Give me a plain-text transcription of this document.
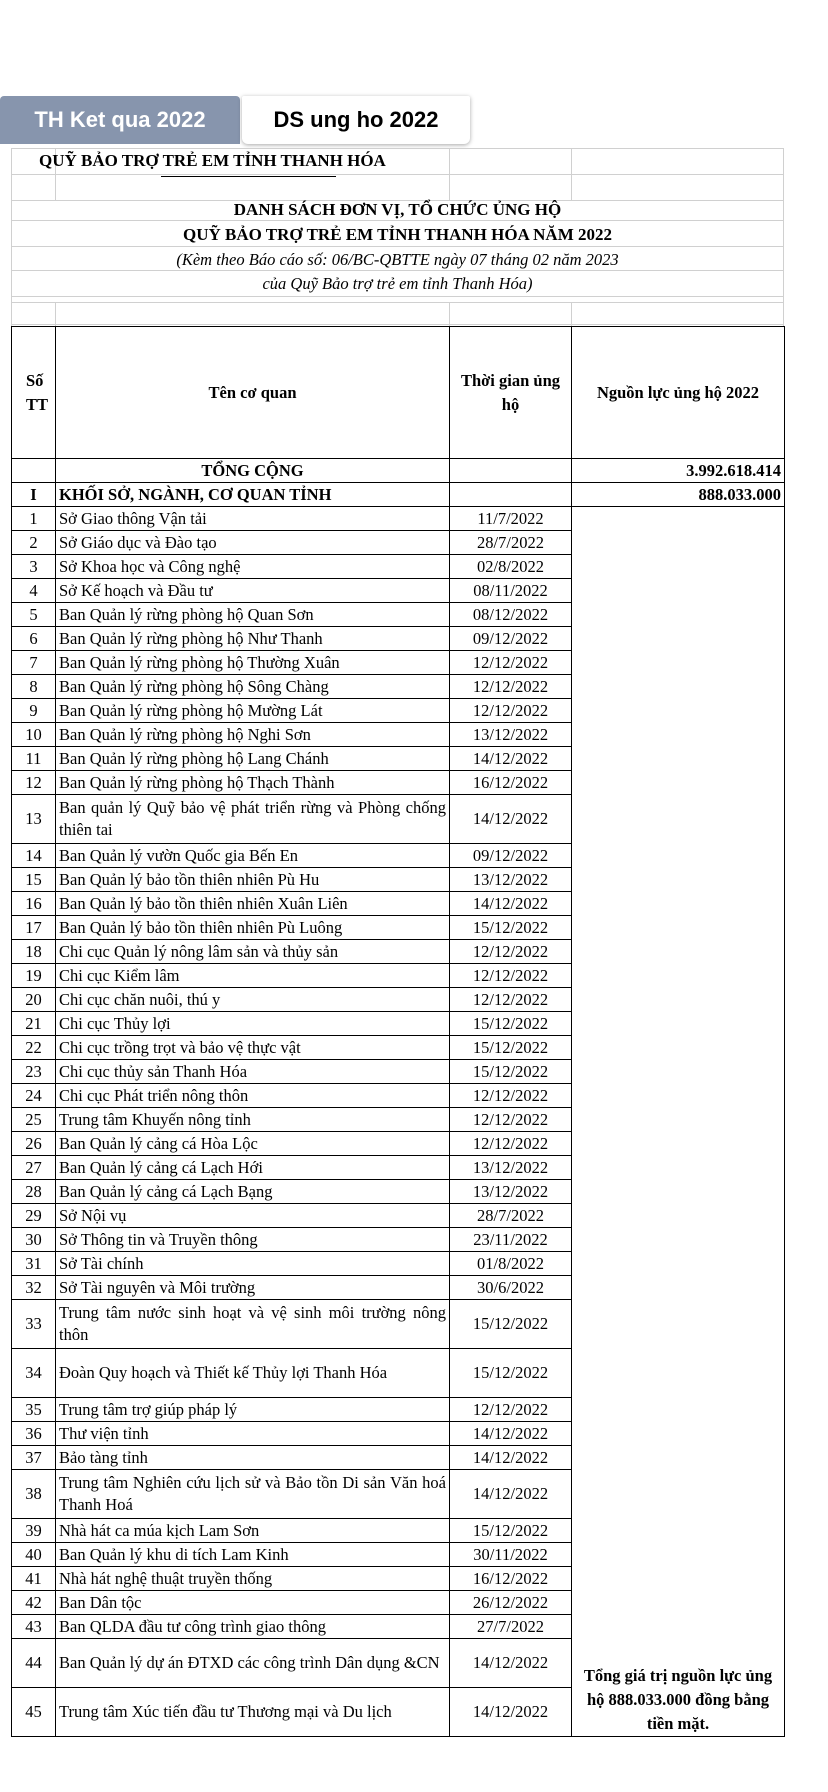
TH Ket qua 2022	DS ung ho 2022
QUỸ BẢO TRỢ TRẺ EM TỈNH THANH HÓA
DANH SÁCH ĐƠN VỊ, TỔ CHỨC ỦNG HỘ
QUỸ BẢO TRỢ TRẺ EM TỈNH THANH HÓA NĂM 2022
(Kèm theo Báo cáo số: 06/BC-QBTTE ngày 07 tháng 02 năm 2023
của Quỹ Bảo trợ trẻ em tỉnh Thanh Hóa)
Số TT	Tên cơ quan	Thời gian ủng hộ	Nguồn lực ủng hộ 2022
	TỔNG CỘNG		3.992.618.414
I	KHỐI SỞ, NGÀNH, CƠ QUAN TỈNH		888.033.000
1	Sở Giao thông Vận tải	11/7/2022	Tổng giá trị nguồn lực ủng hộ 888.033.000 đồng bằng tiền mặt.
2	Sở Giáo dục và Đào tạo	28/7/2022	
3	Sở Khoa học và Công nghệ	02/8/2022	
4	Sở Kế hoạch và Đầu tư	08/11/2022	
5	Ban Quản lý rừng phòng hộ Quan Sơn	08/12/2022	
6	Ban Quản lý rừng phòng hộ Như Thanh	09/12/2022	
7	Ban Quản lý rừng phòng hộ Thường Xuân	12/12/2022	
8	Ban Quản lý rừng phòng hộ Sông Chàng	12/12/2022	
9	Ban Quản lý rừng phòng hộ Mường Lát	12/12/2022	
10	Ban Quản lý rừng phòng hộ Nghi Sơn	13/12/2022	
11	Ban Quản lý rừng phòng hộ Lang Chánh	14/12/2022	
12	Ban Quản lý rừng phòng hộ Thạch Thành	16/12/2022	
13	Ban quản lý Quỹ bảo vệ phát triển rừng và Phòng chống thiên tai	14/12/2022	
14	Ban Quản lý vườn Quốc gia Bến En	09/12/2022	
15	Ban Quản lý bảo tồn thiên nhiên Pù Hu	13/12/2022	
16	Ban Quản lý bảo tồn thiên nhiên Xuân Liên	14/12/2022	
17	Ban Quản lý bảo tồn thiên nhiên Pù Luông	15/12/2022	
18	Chi cục Quản lý nông lâm sản và thủy sản	12/12/2022	
19	Chi cục Kiểm lâm	12/12/2022	
20	Chi cục chăn nuôi, thú y	12/12/2022	
21	Chi cục Thủy lợi	15/12/2022	
22	Chi cục trồng trọt và bảo vệ thực vật	15/12/2022	
23	Chi cục thủy sản Thanh Hóa	15/12/2022	
24	Chi cục Phát triển nông thôn	12/12/2022	
25	Trung tâm Khuyến nông tỉnh	12/12/2022	
26	Ban Quản lý cảng cá Hòa Lộc	12/12/2022	
27	Ban Quản lý cảng cá Lạch Hới	13/12/2022	
28	Ban Quản lý cảng cá Lạch Bạng	13/12/2022	
29	Sở Nội vụ	28/7/2022	
30	Sở Thông tin và Truyền thông	23/11/2022	
31	Sở Tài chính	01/8/2022	
32	Sở Tài nguyên và Môi trường	30/6/2022	
33	Trung tâm nước sinh hoạt và vệ sinh môi trường nông thôn	15/12/2022	
34	Đoàn Quy hoạch và Thiết kế Thủy lợi Thanh Hóa	15/12/2022	
35	Trung tâm trợ giúp pháp lý	12/12/2022	
36	Thư viện tỉnh	14/12/2022	
37	Bảo tàng tỉnh	14/12/2022	
38	Trung tâm Nghiên cứu lịch sử và Bảo tồn Di sản Văn hoá Thanh Hoá	14/12/2022	
39	Nhà hát ca múa kịch Lam Sơn	15/12/2022	
40	Ban Quản lý khu di tích Lam Kinh	30/11/2022	
41	Nhà hát nghệ thuật truyền thống	16/12/2022	
42	Ban Dân tộc	26/12/2022	
43	Ban QLDA đầu tư công trình giao thông	27/7/2022	
44	Ban Quản lý dự án ĐTXD các công trình Dân dụng &CN	14/12/2022	
45	Trung tâm Xúc tiến đầu tư Thương mại và Du lịch	14/12/2022	
